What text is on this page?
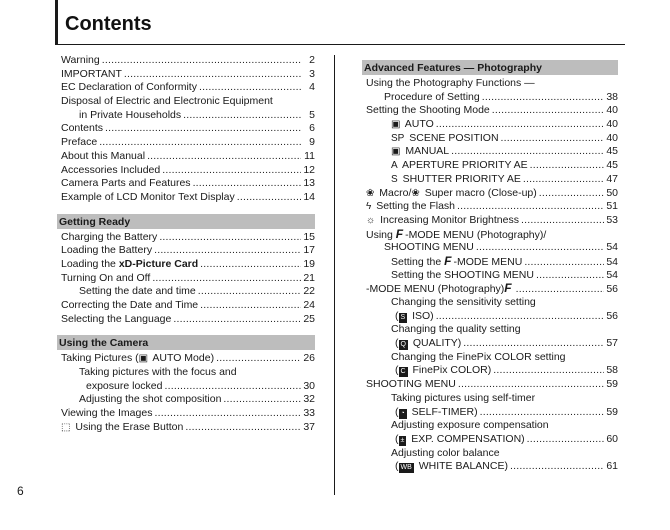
Contents
Warning .....	2
IMPORTANT .....	3
EC Declaration of Conformity .....	4
Disposal of Electric and Electronic Equipment
in Private Households .....	5
Contents .....	6
Preface .....	9
About this Manual .....	11
Accessories Included .....	12
Camera Parts and Features .....	13
Example of LCD Monitor Text Display .....	14
Getting Ready
Charging the Battery .....	15
Loading the Battery .....	17
Loading the xD-Picture Card .....	19
Turning On and Off .....	21
Setting the date and time .....	22
Correcting the Date and Time .....	24
Selecting the Language .....	25
Using the Camera
Taking Pictures (▣ AUTO Mode) .....	26
Taking pictures with the focus and
exposure locked .....	30
Adjusting the shot composition .....	32
Viewing the Images .....	33
⬚ Using the Erase Button .....	37
Advanced Features — Photography
Using the Photography Functions —
Procedure of Setting .....	38
Setting the Shooting Mode .....	40
▣ AUTO .....	40
SP SCENE POSITION .....	40
▣ MANUAL .....	45
A APERTURE PRIORITY AE .....	45
S SHUTTER PRIORITY AE .....	47
❀ Macro/❀ Super macro (Close-up) .....	50
ϟ Setting the Flash .....	51
☼ Increasing Monitor Brightness .....	53
Using F -MODE MENU (Photography)/
SHOOTING MENU .....	54
Setting the F -MODE MENU .....	54
Setting the SHOOTING MENU .....	54
-MODE MENU (Photography)F .....	56
Changing the sensitivity setting
( S ISO) .....	56
Changing the quality setting
( Q QUALITY) .....	57
Changing the FinePix COLOR setting
( C FinePix COLOR) .....	58
SHOOTING MENU .....	59
Taking pictures using self-timer
( ◔ SELF-TIMER) .....	59
Adjusting exposure compensation
( ± EXP. COMPENSATION) .....	60
Adjusting color balance
( WB WHITE BALANCE) .....	61
6
